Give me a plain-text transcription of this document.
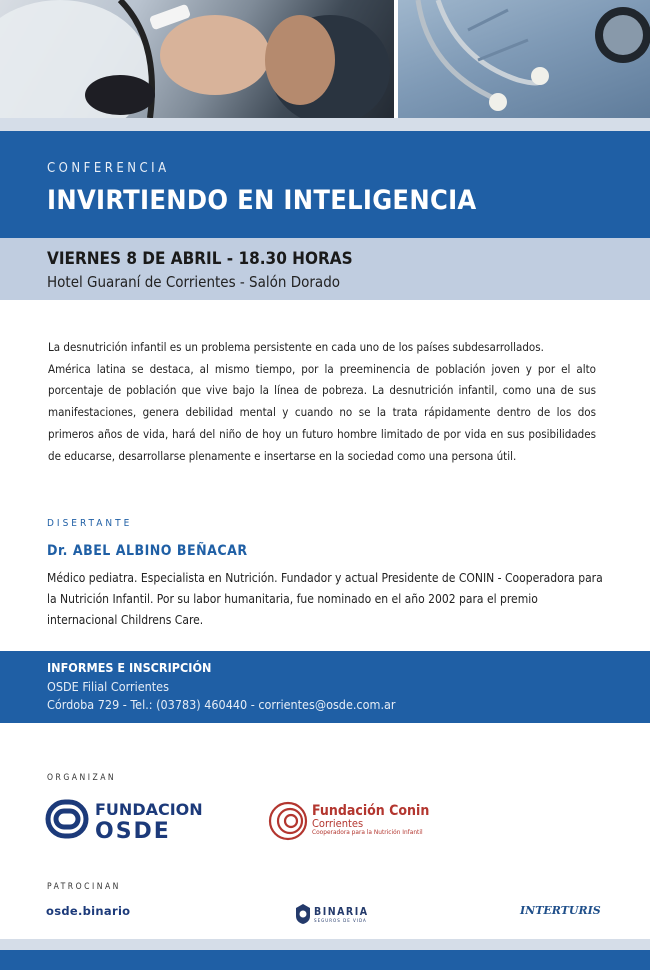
CONFERENCIA
INVIRTIENDO EN INTELIGENCIA
VIERNES 8 DE ABRIL - 18.30 HORAS
Hotel Guaraní de Corrientes - Salón Dorado

La desnutrición infantil es un problema persistente en cada uno de los países subdesarrollados.

América latina se destaca, al mismo tiempo, por la preeminencia de población joven y por el alto porcentaje de población que vive bajo la línea de pobreza. La desnutrición infantil, como una de sus manifestaciones, genera debilidad mental y cuando no se la trata rápidamente dentro de los dos primeros años de vida, hará del niño de hoy un futuro hombre limitado de por vida en sus posibilidades de educarse, desarrollarse plenamente e insertarse en la sociedad como una persona útil.

DISERTANTE
Dr. ABEL ALBINO BEÑACAR
Médico pediatra. Especialista en Nutrición. Fundador y actual Presidente de CONIN - Cooperadora para la Nutrición Infantil. Por su labor humanitaria, fue nominado en el año 2002 para el premio internacional Childrens Care.
INFORMES E INSCRIPCIÓN
OSDE Filial Corrientes
Córdoba 729 - Tel.: (03783) 460440 - corrientes@osde.com.ar
ORGANIZAN
FUNDACION
OSDE
Fundación Conin
Corrientes
Cooperadora para la Nutrición Infantil
PATROCINAN
osde.binario	BINARIA
SEGUROS DE VIDA
INTERTURIS
